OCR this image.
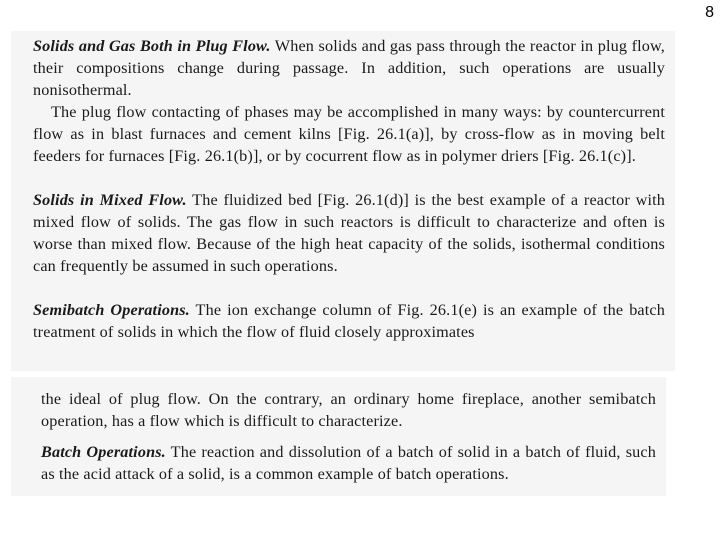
8

Solids and Gas Both in Plug Flow. When solids and gas pass through the reactor in plug flow, their compositions change during passage. In addition, such operations are usually nonisothermal.

The plug flow contacting of phases may be accomplished in many ways: by countercurrent flow as in blast furnaces and cement kilns [Fig. 26.1(a)], by cross-flow as in moving belt feeders for furnaces [Fig. 26.1(b)], or by cocurrent flow as in polymer driers [Fig. 26.1(c)].

Solids in Mixed Flow. The fluidized bed [Fig. 26.1(d)] is the best example of a reactor with mixed flow of solids. The gas flow in such reactors is difficult to characterize and often is worse than mixed flow. Because of the high heat capacity of the solids, isothermal conditions can frequently be assumed in such operations.

Semibatch Operations. The ion exchange column of Fig. 26.1(e) is an example of the batch treatment of solids in which the flow of fluid closely approximates

the ideal of plug flow. On the contrary, an ordinary home fireplace, another semibatch operation, has a flow which is difficult to characterize.

Batch Operations. The reaction and dissolution of a batch of solid in a batch of fluid, such as the acid attack of a solid, is a common example of batch operations.
